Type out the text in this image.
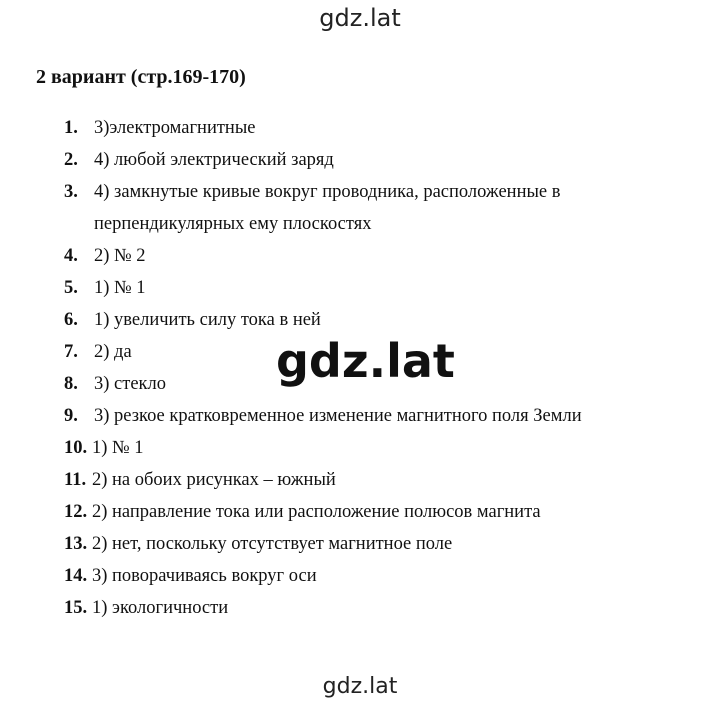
gdz.lat
2 вариант (стр.169-170)
1. 3)электромагнитные
2. 4) любой электрический заряд
3. 4) замкнутые кривые вокруг проводника, расположенные в
перпендикулярных ему плоскостях
4. 2) № 2
5. 1) № 1
6. 1) увеличить силу тока в ней
7. 2) да
8. 3) стекло
9. 3) резкое кратковременное изменение магнитного поля Земли
10. 1) № 1
11. 2) на обоих рисунках – южный
12. 2) направление тока или расположение полюсов магнита
13. 2) нет, поскольку отсутствует магнитное поле
14. 3) поворачиваясь вокруг оси
15. 1) экологичности
gdz.lat
gdz.lat
